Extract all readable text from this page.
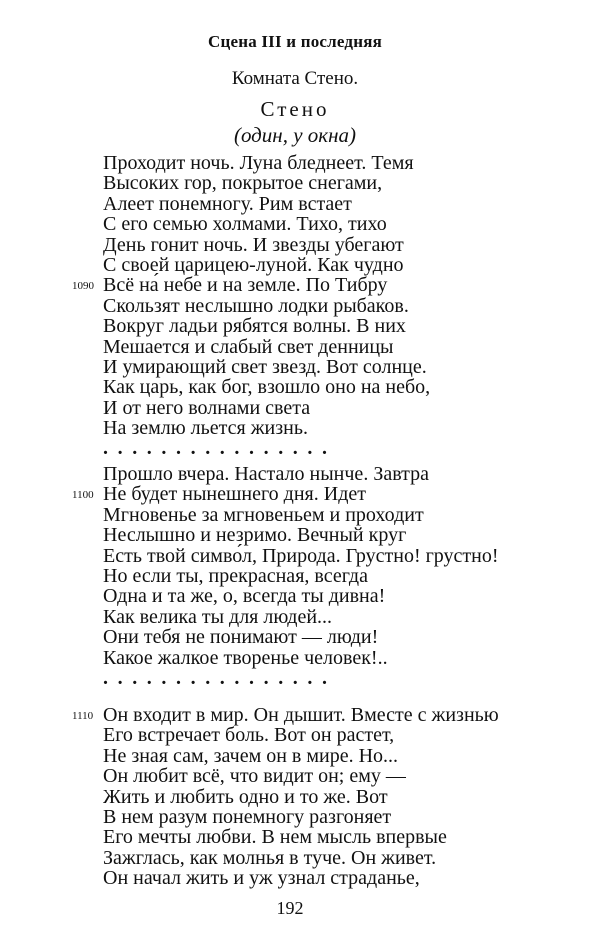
Сцена III и последняя
Комната Стено.
Стено
(один, у окна)
Проходит ночь. Луна бледнеет. Темя
Высоких гор, покрытое снегами,
Алеет понемногу. Рим встает
С его семью холмами. Тихо, тихо
День гонит ночь. И звезды убегают
С своей царицею-луной. Как чудно
Всё на́ небе и на земле. По Тибру
1090
Скользят неслышно лодки рыбаков.
Вокруг ладьи рябятся волны. В них
Мешается и слабый свет денницы
И умирающий свет звезд. Вот солнце.
Как царь, как бог, взошло оно на небо,
И от него волнами света
На землю льется жизнь.
................
Прошло вчера. Настало нынче. Завтра
Не будет нынешнего дня. Идет
1100
Мгновенье за мгновеньем и проходит
Неслышно и незримо. Вечный круг
Есть твой симво́л, Природа. Грустно! грустно!
Но если ты, прекрасная, всегда
Одна и та же, о, всегда ты дивна!
Как велика ты для людей...
Они тебя не понимают — люди!
Какое жалкое творенье человек!..
................
Он входит в мир. Он дышит. Вместе с жизнью
1110
Его встречает боль. Вот он растет,
Не зная сам, зачем он в мире. Но...
Он любит всё, что видит он; ему —
Жить и любить одно и то же. Вот
В нем разум понемногу разгоняет
Его мечты любви. В нем мысль впервые
Зажглась, как молнья в туче. Он живет.
Он начал жить и уж узнал страданье,
192
